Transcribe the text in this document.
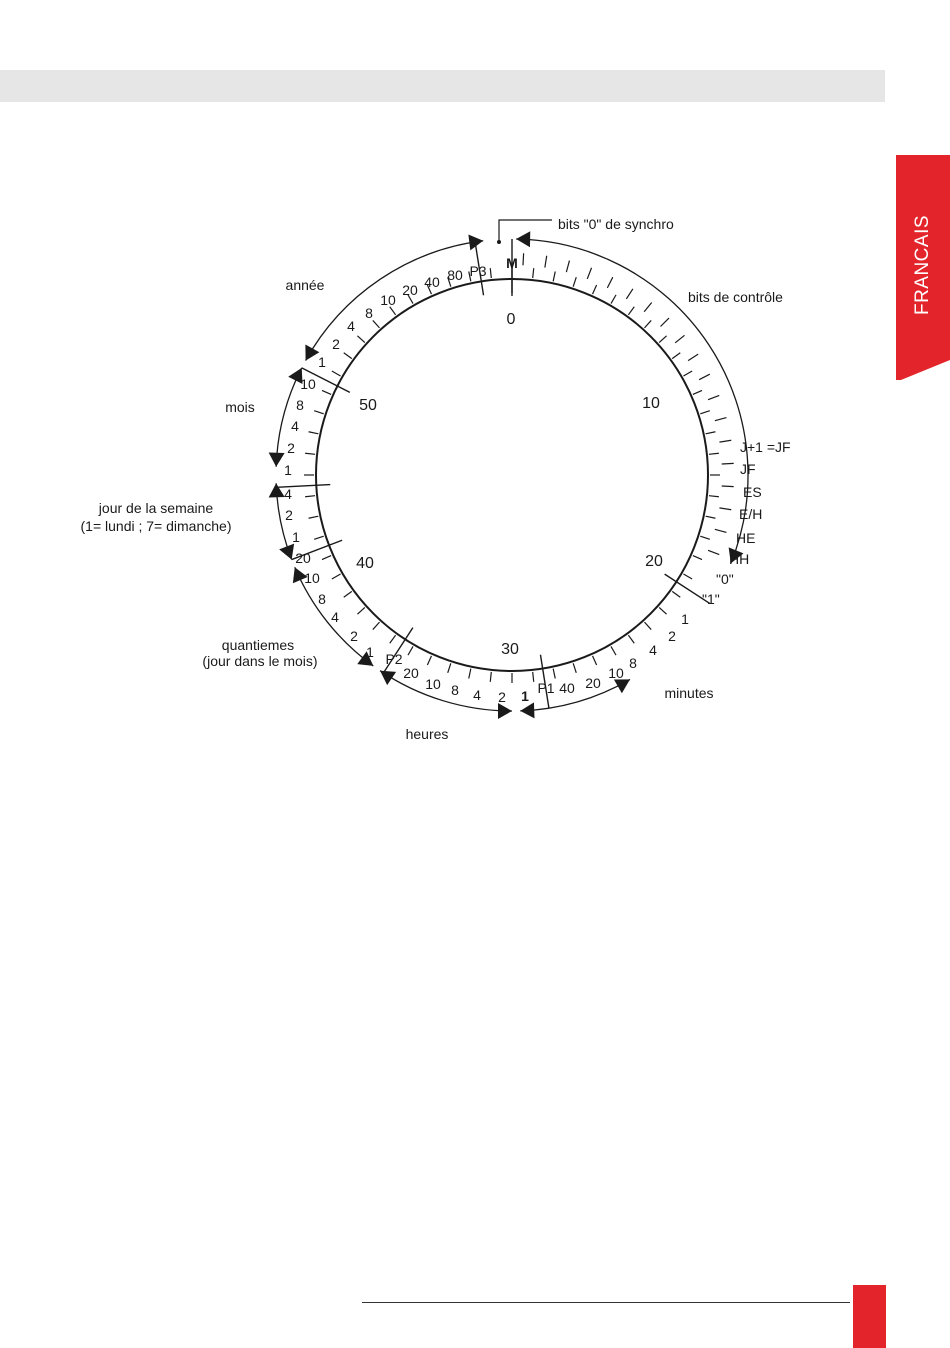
FRANCAIS
bits "0" de synchro
M
bits de contrôle
0
10
20
30
40
50
année
mois
jour de la semaine
(1= lundi ; 7= dimanche)
quantiemes
(jour dans le mois)
heures
minutes
J+1 =JF
JF
ES
E/H
HE
HH
"0"
"1"
1
2
4
8
10
20
40
P1
1
2
4
8
10
20
P2
1
2
4
8
10
20
1
2
4
1
2
4
8
10
1
2
4
8
10
20 40 80 P3
